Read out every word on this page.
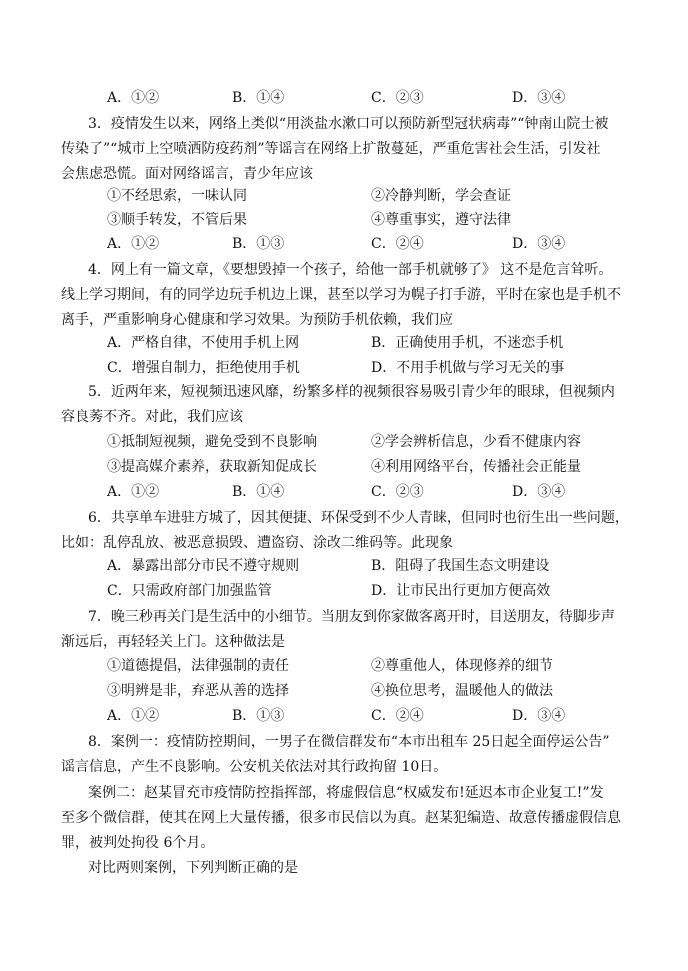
A．①②	B．①④	C．②③	D．③④
3．疫情发生以来，网络上类似“用淡盐水漱口可以预防新型冠状病毒”“钟南山院士被
传染了”“城市上空喷洒防疫药剂”等谣言在网络上扩散蔓延，严重危害社会生活，引发社
会焦虑恐慌。面对网络谣言，青少年应该
①不经思索，一味认同	②冷静判断，学会查证
③顺手转发，不管后果	④尊重事实，遵守法律
A．①②	B．①③	C．②④	D．③④
4．网上有一篇文章，《要想毁掉一个孩子，给他一部手机就够了》 这不是危言耸听。
线上学习期间，有的同学边玩手机边上课，甚至以学习为幌子打手游，平时在家也是手机不
离手，严重影响身心健康和学习效果。为预防手机依赖，我们应
A．严格自律，不使用手机上网	B．正确使用手机，不迷恋手机
C．增强自制力，拒绝使用手机	D．不用手机做与学习无关的事
5．近两年来，短视频迅速风靡，纷繁多样的视频很容易吸引青少年的眼球，但视频内
容良莠不齐。对此，我们应该
①抵制短视频，避免受到不良影响	②学会辨析信息，少看不健康内容
③提高媒介素养，获取新知促成长	④利用网络平台，传播社会正能量
A．①②	B．①④	C．②③	D．③④
6．共享单车进驻方城了，因其便捷、环保受到不少人青睐，但同时也衍生出一些问题，
比如：乱停乱放、被恶意损毁、遭盗窃、涂改二维码等。此现象
A．暴露出部分市民不遵守规则	B．阻碍了我国生态文明建设
C．只需政府部门加强监管	D．让市民出行更加方便高效
7．晚三秒再关门是生活中的小细节。当朋友到你家做客离开时，目送朋友，待脚步声
渐远后，再轻轻关上门。这种做法是
①道德提倡，法律强制的责任	②尊重他人，体现修养的细节
③明辨是非，弃恶从善的选择	④换位思考，温暖他人的做法
A．①②	B．①③	C．②④	D．③④
8．案例一：疫情防控期间，一男子在微信群发布“本市出租车 25日起全面停运公告”
谣言信息，产生不良影响。公安机关依法对其行政拘留 10日。
案例二：赵某冒充市疫情防控指挥部，将虚假信息“权威发布!延迟本市企业复工!”发
至多个微信群，使其在网上大量传播，很多市民信以为真。赵某犯编造、故意传播虚假信息
罪，被判处拘役 6个月。
对比两则案例，下列判断正确的是
